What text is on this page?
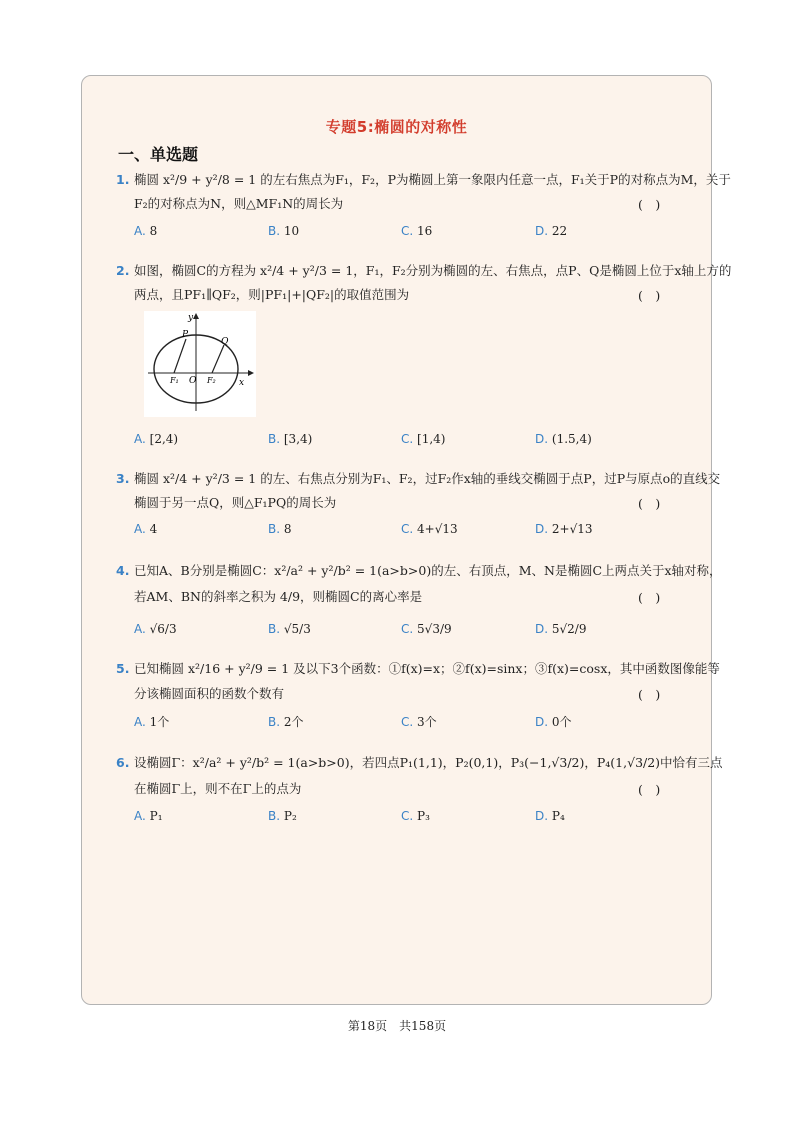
专题5:椭圆的对称性
一、单选题
1. 椭圆 x²/9 + y²/8 = 1 的左右焦点为F₁，F₂，P为椭圆上第一象限内任意一点，F₁关于P的对称点为M，关于
F₂的对称点为N，则△MF₁N的周长为	(　)
A. 8	B. 10	C. 16	D. 22
2. 如图，椭圆C的方程为 x²/4 + y²/3 = 1，F₁，F₂分别为椭圆的左、右焦点，点P、Q是椭圆上位于x轴上方的
两点，且PF₁∥QF₂，则|PF₁|+|QF₂|的取值范围为	(　)
y
x
P
Q
O
F₁	F₂
A. [2,4)	B. [3,4)	C. [1,4)	D. (1.5,4)
3. 椭圆 x²/4 + y²/3 = 1 的左、右焦点分别为F₁、F₂，过F₂作x轴的垂线交椭圆于点P，过P与原点o的直线交
椭圆于另一点Q，则△F₁PQ的周长为	(　)
A. 4	B. 8	C. 4+√13	D. 2+√13
4. 已知A、B分别是椭圆C：x²/a² + y²/b² = 1(a>b>0)的左、右顶点，M、N是椭圆C上两点关于x轴对称，
若AM、BN的斜率之积为 4/9，则椭圆C的离心率是	(　)
A. √6/3	B. √5/3	C. 5√3/9	D. 5√2/9
5. 已知椭圆 x²/16 + y²/9 = 1 及以下3个函数：①f(x)=x；②f(x)=sinx；③f(x)=cosx，其中函数图像能等
分该椭圆面积的函数个数有	(　)
A. 1个	B. 2个	C. 3个	D. 0个
6. 设椭圆Γ：x²/a² + y²/b² = 1(a>b>0)，若四点P₁(1,1)，P₂(0,1)，P₃(−1,√3/2)，P₄(1,√3/2)中恰有三点
在椭圆Γ上，则不在Γ上的点为	(　)
A. P₁	B. P₂	C. P₃	D. P₄
第18页　共158页
